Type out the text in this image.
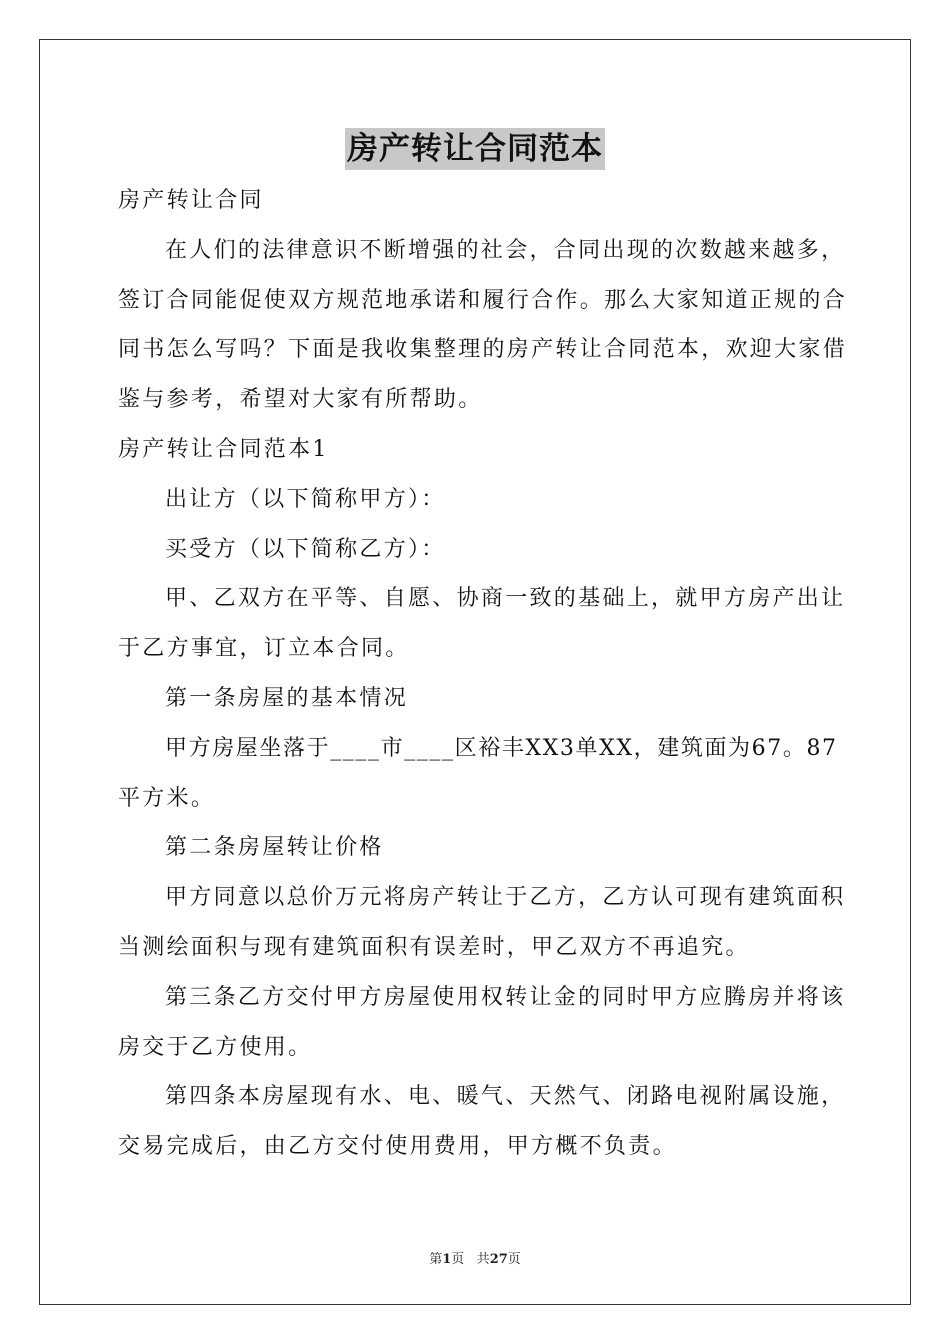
房产转让合同范本
房产转让合同
在人们的法律意识不断增强的社会，合同出现的次数越来越多，
签订合同能促使双方规范地承诺和履行合作。那么大家知道正规的合
同书怎么写吗？下面是我收集整理的房产转让合同范本，欢迎大家借
鉴与参考，希望对大家有所帮助。
房产转让合同范本1
出让方（以下简称甲方）：
买受方（以下简称乙方）：
甲、乙双方在平等、自愿、协商一致的基础上，就甲方房产出让
于乙方事宜，订立本合同。
第一条房屋的基本情况
甲方房屋坐落于____市____区裕丰XX3单XX，建筑面为67。87
平方米。
第二条房屋转让价格
甲方同意以总价万元将房产转让于乙方，乙方认可现有建筑面积
当测绘面积与现有建筑面积有误差时，甲乙双方不再追究。
第三条乙方交付甲方房屋使用权转让金的同时甲方应腾房并将该
房交于乙方使用。
第四条本房屋现有水、电、暖气、天然气、闭路电视附属设施，
交易完成后，由乙方交付使用费用，甲方概不负责。
第1页 共27页
